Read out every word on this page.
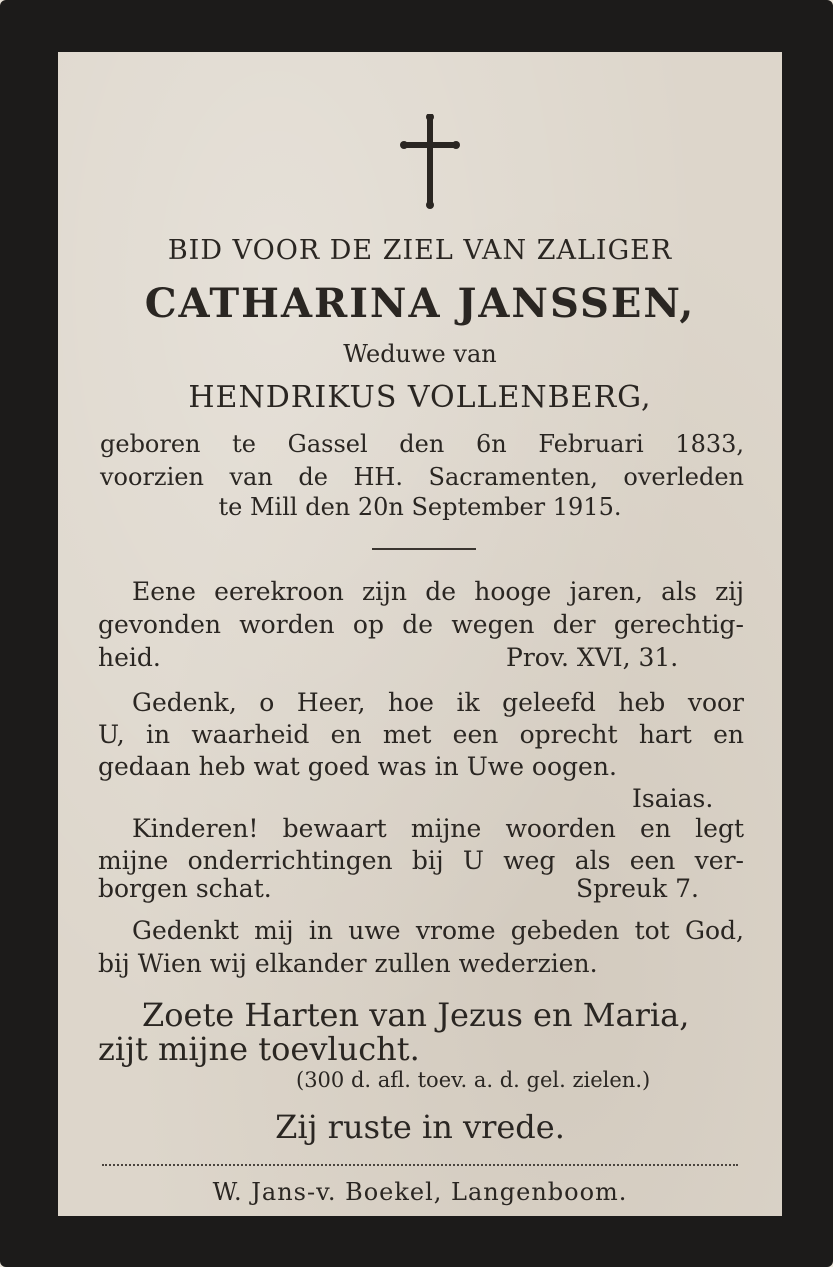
BID VOOR DE ZIEL VAN ZALIGER
CATHARINA JANSSEN,
Weduwe van
HENDRIKUS VOLLENBERG,
geboren te Gassel den 6n Februari 1833,
voorzien van de HH. Sacramenten, overleden
te Mill den 20n September 1915.
Eene eerekroon zijn de hooge jaren, als zij
gevonden worden op de wegen der gerechtig-
heid.	Prov. XVI, 31.
Gedenk, o Heer, hoe ik geleefd heb voor
U, in waarheid en met een oprecht hart en
gedaan heb wat goed was in Uwe oogen.
Isaias.
Kinderen! bewaart mijne woorden en legt
mijne onderrichtingen bij U weg als een ver-
borgen schat.	Spreuk 7.
Gedenkt mij in uwe vrome gebeden tot God,
bij Wien wij elkander zullen wederzien.
Zoete Harten van Jezus en Maria,
zijt mijne toevlucht.
(300 d. afl. toev. a. d. gel. zielen.)
Zij ruste in vrede.
W. Jans-v. Boekel, Langenboom.
